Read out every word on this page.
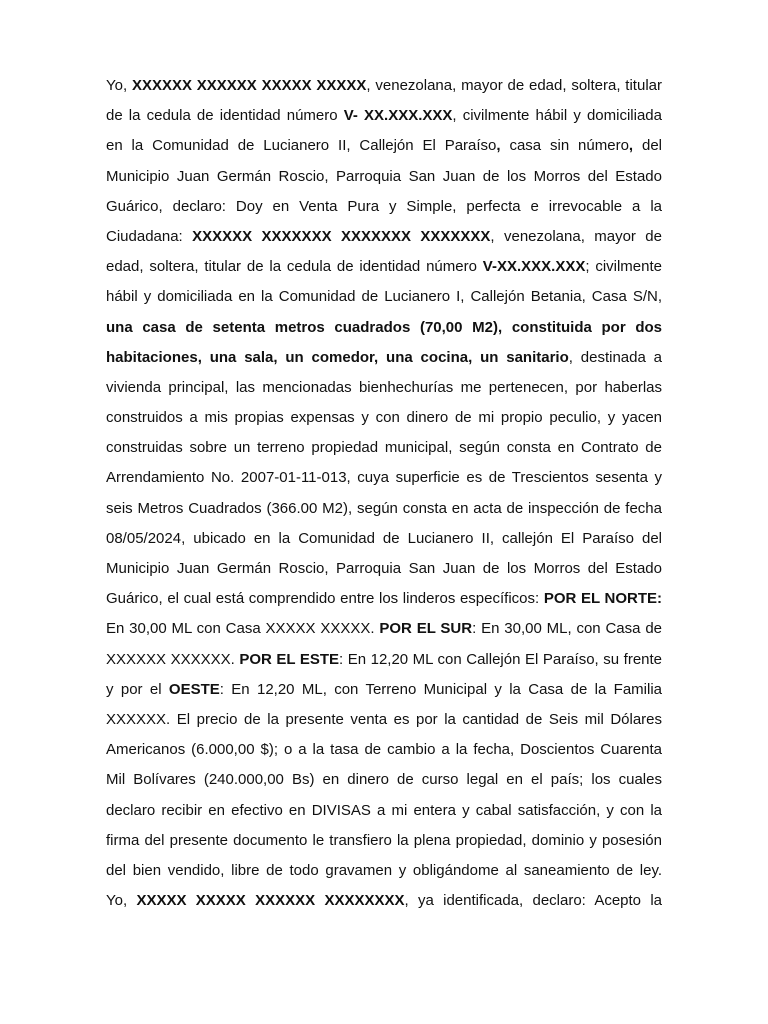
Yo, XXXXXX XXXXXX XXXXX XXXXX, venezolana, mayor de edad, soltera, titular
de la cedula de identidad número V- XX.XXX.XXX, civilmente hábil y domiciliada
en la Comunidad de Lucianero II, Callejón El Paraíso, casa sin número, del
Municipio Juan Germán Roscio, Parroquia San Juan de los Morros del Estado
Guárico, declaro: Doy en Venta Pura y Simple, perfecta e irrevocable a la
Ciudadana: XXXXXX XXXXXXX XXXXXXX XXXXXXX, venezolana, mayor de
edad, soltera, titular de la cedula de identidad número V-XX.XXX.XXX; civilmente
hábil y domiciliada en la Comunidad de Lucianero I, Callejón Betania, Casa S/N,
una casa de setenta metros cuadrados (70,00 M2), constituida por dos
habitaciones, una sala, un comedor, una cocina, un sanitario, destinada a
vivienda principal, las mencionadas bienhechurías me pertenecen, por haberlas
construidos a mis propias expensas y con dinero de mi propio peculio, y yacen
construidas sobre un terreno propiedad municipal, según consta en Contrato de
Arrendamiento No. 2007-01-11-013, cuya superficie es de Trescientos sesenta y
seis Metros Cuadrados (366.00 M2), según consta en acta de inspección de fecha
08/05/2024, ubicado en la Comunidad de Lucianero II, callejón El Paraíso del
Municipio Juan Germán Roscio, Parroquia San Juan de los Morros del Estado
Guárico, el cual está comprendido entre los linderos específicos: POR EL NORTE:
En 30,00 ML con Casa XXXXX XXXXX. POR EL SUR: En 30,00 ML, con Casa de
XXXXXX XXXXXX. POR EL ESTE: En 12,20 ML con Callejón El Paraíso, su frente
y por el OESTE: En 12,20 ML, con Terreno Municipal y la Casa de la Familia
XXXXXX. El precio de la presente venta es por la cantidad de Seis mil Dólares
Americanos (6.000,00 $); o a la tasa de cambio a la fecha, Doscientos Cuarenta
Mil Bolívares (240.000,00 Bs) en dinero de curso legal en el país; los cuales
declaro recibir en efectivo en DIVISAS a mi entera y cabal satisfacción, y con la
firma del presente documento le transfiero la plena propiedad, dominio y posesión
del bien vendido, libre de todo gravamen y obligándome al saneamiento de ley.
Yo, XXXXX XXXXX XXXXXX XXXXXXXX, ya identificada, declaro: Acepto la
